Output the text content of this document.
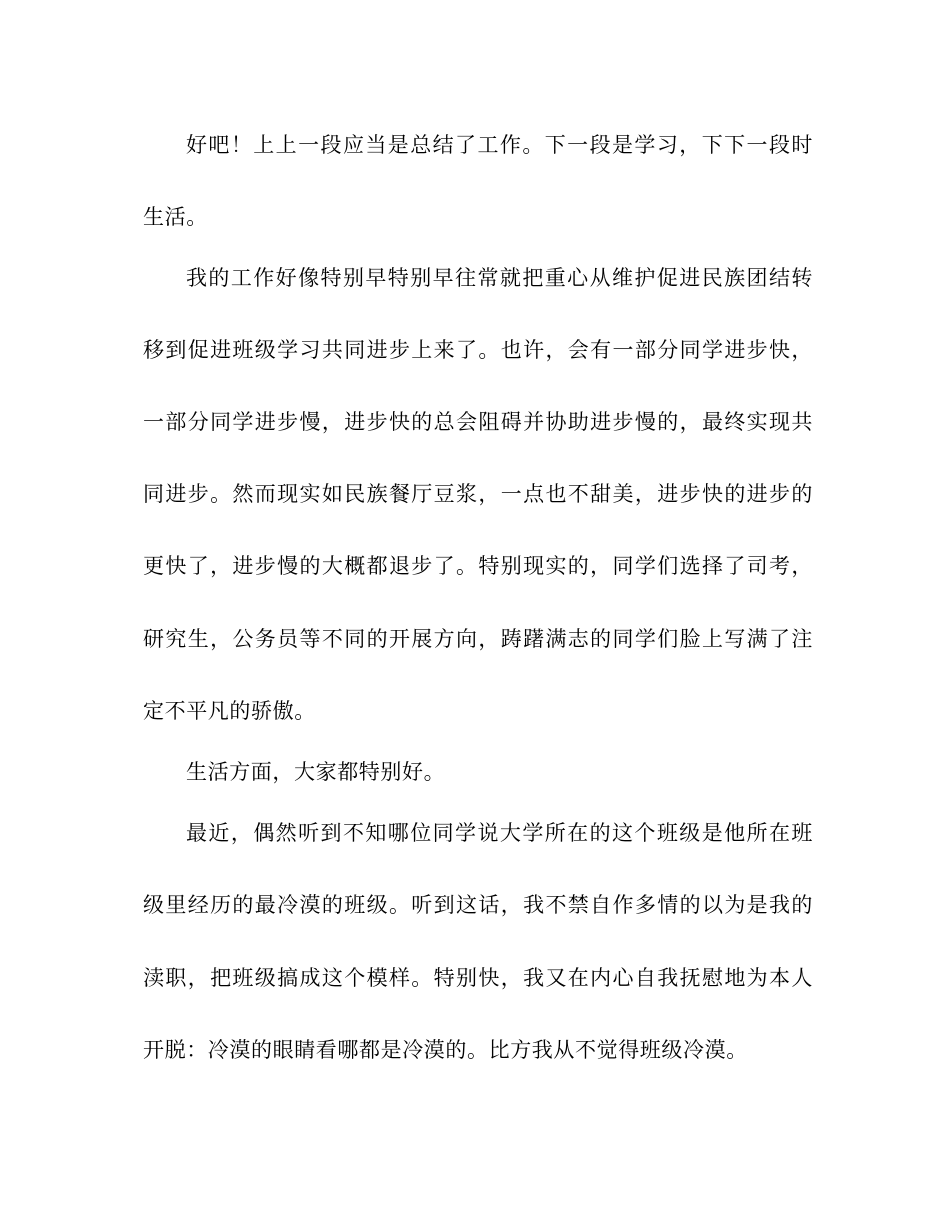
好吧！上上一段应当是总结了工作。下一段是学习，下下一段时
生活。
我的工作好像特别早特别早往常就把重心从维护促进民族团结转
移到促进班级学习共同进步上来了。也许，会有一部分同学进步快，
一部分同学进步慢，进步快的总会阻碍并协助进步慢的，最终实现共
同进步。然而现实如民族餐厅豆浆，一点也不甜美，进步快的进步的
更快了，进步慢的大概都退步了。特别现实的，同学们选择了司考，
研究生，公务员等不同的开展方向，踌躇满志的同学们脸上写满了注
定不平凡的骄傲。
生活方面，大家都特别好。
最近，偶然听到不知哪位同学说大学所在的这个班级是他所在班
级里经历的最冷漠的班级。听到这话，我不禁自作多情的以为是我的
渎职，把班级搞成这个模样。特别快，我又在内心自我抚慰地为本人
开脱：冷漠的眼睛看哪都是冷漠的。比方我从不觉得班级冷漠。
